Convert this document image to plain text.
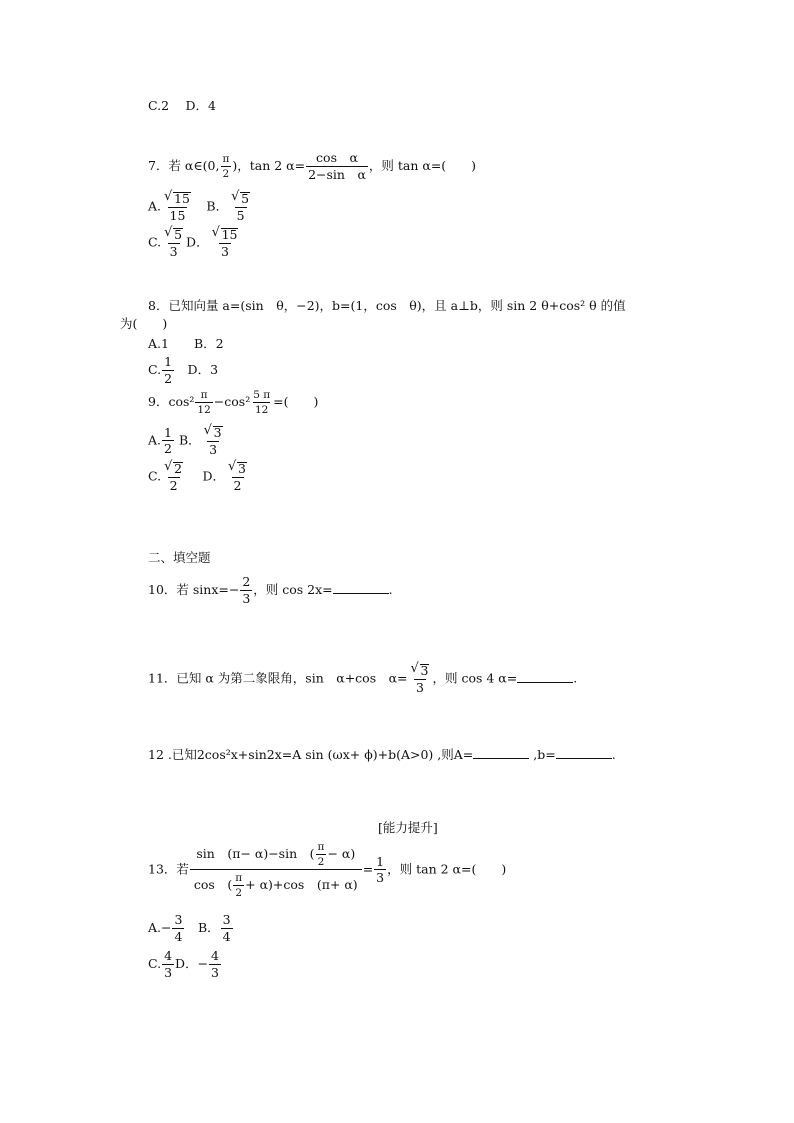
C.2　 D．4
7．若 α∈(0, $\frac{\pi}{2}$ )，tan 2 $\alpha= \frac{\text{cos　α}}{\text{2−sin　α}}$ ，则 tan α=(　　)
A. $\frac{√ 15}{15}$ 　B． $\frac{√ 5}{5}$
C. $\frac{√ 5}{3}$ D． $\frac{√ 15}{3}$
8．已知向量 a=(sin　θ，−2)，b=(1，cos　θ)，且 a⊥b，则 sin 2 θ+cos² θ 的值
为(　　)
A.1　　B．2
C. $\frac{1}{2}$ 　D．3
9．$\cos^2 \frac{\pi}{12} -\cos^2 \frac{5 \pi}{12}$ =(　　)
A. $\frac{1}{2}$ B． $\frac{√ 3}{3}$
C. $\frac{√ 2}{2}$ 　 D． $\frac{√ 3}{2}$
二、填空题
10．若 $\sin x=- \frac{2}{3}$ ，则 cos 2x=	.
11．已知 α 为第二象限角，sin　α+cos　$\alpha= \frac{√ 3}{3}$ ，则 cos 4 α=	.
12 .已知2cos²x+sin2x=A sin (ωx+ ϕ)+b(A>0) ,则A=	,b=	.
[能力提升]
13．若 $\frac{\sin (\pi- \alpha)-\sin ( \frac{\pi}{2} - \alpha)}{\cos ( \frac{\pi}{2} + \alpha)+\cos (\pi+ \alpha)} = \frac{1}{3}$ ，则 tan 2 α=(　　)
$A.- \frac{3}{4}$ 　B． $\frac{3}{4}$
C. $\frac{4}{3}$ D．− $\frac{4}{3}$
